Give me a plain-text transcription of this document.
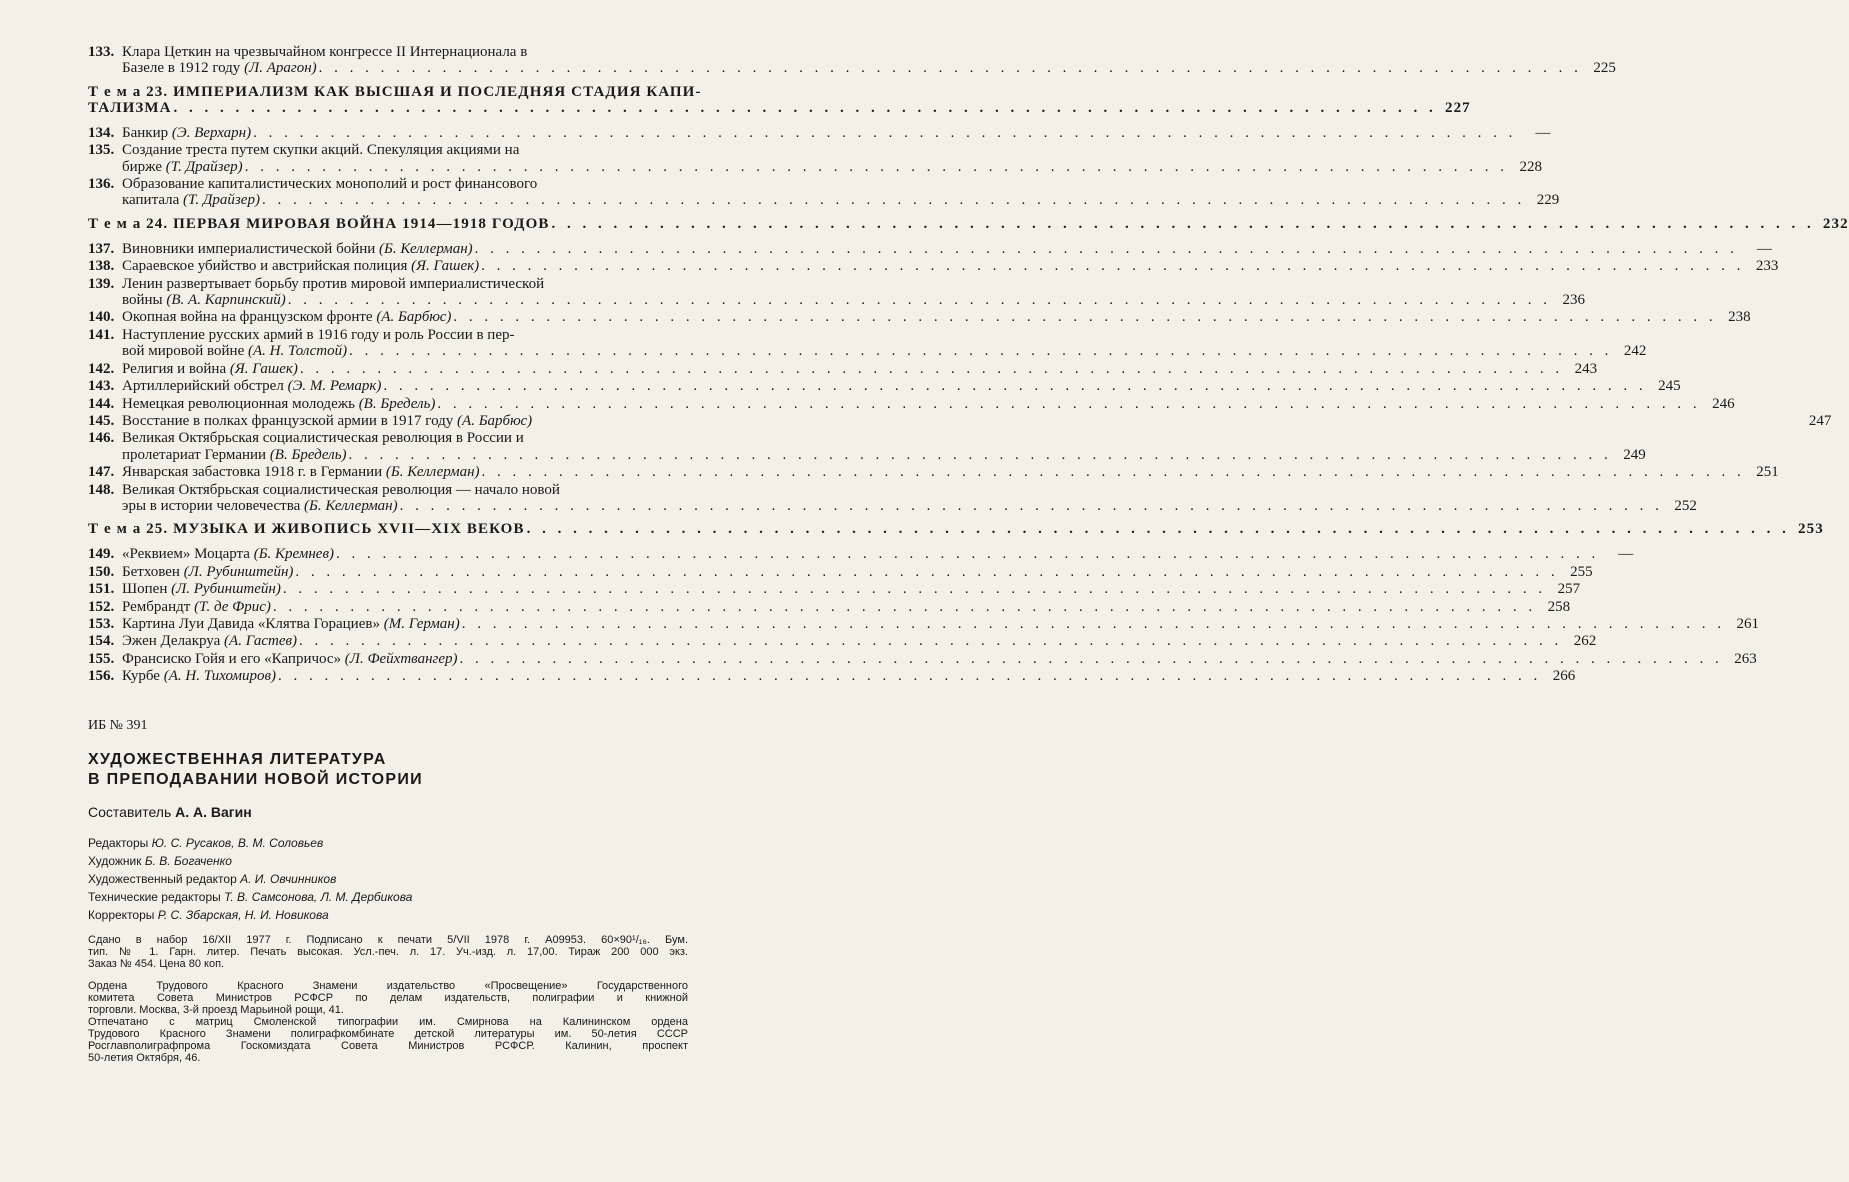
133. Клара Цеткин на чрезвычайном конгрессе II Интернационала в
Базеле в 1912 году (Л. Арагон) . . .	225
Т е м а 23. ИМПЕРИАЛИЗМ КАК ВЫСШАЯ И ПОСЛЕДНЯЯ СТАДИЯ КАПИ-
ТАЛИЗМА . . .	227
134. Банкир (Э. Верхарн) . . .	—
135. Создание треста путем скупки акций. Спекуляция акциями на
бирже (Т. Драйзер) . . .	228
136. Образование капиталистических монополий и рост финансового
капитала (Т. Драйзер) . . .	229
Т е м а 24. ПЕРВАЯ МИРОВАЯ ВОЙНА 1914—1918 ГОДОВ . . .	232
137. Виновники империалистической бойни (Б. Келлерман) . . .	—
138. Сараевское убийство и австрийская полиция (Я. Гашек) . . .	233
139. Ленин развертывает борьбу против мировой империалистической
войны (В. А. Карпинский) . . .	236
140. Окопная война на французском фронте (А. Барбюс) . . .	238
141. Наступление русских армий в 1916 году и роль России в пер-
вой мировой войне (А. Н. Толстой) . . .	242
142. Религия и война (Я. Гашек) . . .	243
143. Артиллерийский обстрел (Э. М. Ремарк) . . .	245
144. Немецкая революционная молодежь (В. Бредель) . . .	246
145. Восстание в полках французской армии в 1917 году (А. Барбюс)	247
146. Великая Октябрьская социалистическая революция в России и
пролетариат Германии (В. Бредель) . . .	249
147. Январская забастовка 1918 г. в Германии (Б. Келлерман) . . .	251
148. Великая Октябрьская социалистическая революция — начало новой
эры в истории человечества (Б. Келлерман) . . .	252
Т е м а 25. МУЗЫКА И ЖИВОПИСЬ XVII—XIX ВЕКОВ . . .	253
149. «Реквием» Моцарта (Б. Кремнев) . . .	—
150. Бетховен (Л. Рубинштейн) . . .	255
151. Шопен (Л. Рубинштейн) . . .	257
152. Рембрандт (Т. де Фрис) . . .	258
153. Картина Луи Давида «Клятва Горациев» (М. Герман) . . .	261
154. Эжен Делакруа (А. Гастев) . . .	262
155. Франсиско Гойя и его «Капричос» (Л. Фейхтвангер) . . .	263
156. Курбе (А. Н. Тихомиров) . . .	266
ИБ № 391
ХУДОЖЕСТВЕННАЯ ЛИТЕРАТУРА
В ПРЕПОДАВАНИИ НОВОЙ ИСТОРИИ
Составитель А. А. Вагин
Редакторы Ю. С. Русаков, В. М. Соловьев
Художник Б. В. Богаченко
Художественный редактор А. И. Овчинников
Технические редакторы Т. В. Самсонова, Л. М. Дербикова
Корректоры Р. С. Збарская, Н. И. Новикова
Сдано в набор 16/XII 1977 г. Подписано к печати 5/VII 1978 г. А09953. 60×90¹/₁₆. Бум.
тип. № 1. Гарн. литер. Печать высокая. Усл.-печ. л. 17. Уч.-изд. л. 17,00. Тираж 200 000 экз.
Заказ № 454. Цена 80 коп.
Ордена Трудового Красного Знамени издательство «Просвещение» Государственного
комитета Совета Министров РСФСР по делам издательств, полиграфии и книжной
торговли. Москва, 3-й проезд Марьиной рощи, 41.
Отпечатано с матриц Смоленской типографии им. Смирнова на Калининском ордена
Трудового Красного Знамени полиграфкомбинате детской литературы им. 50-летия СССР
Росглавполиграфпрома Госкомиздата Совета Министров РСФСР. Калинин, проспект
50-летия Октября, 46.
